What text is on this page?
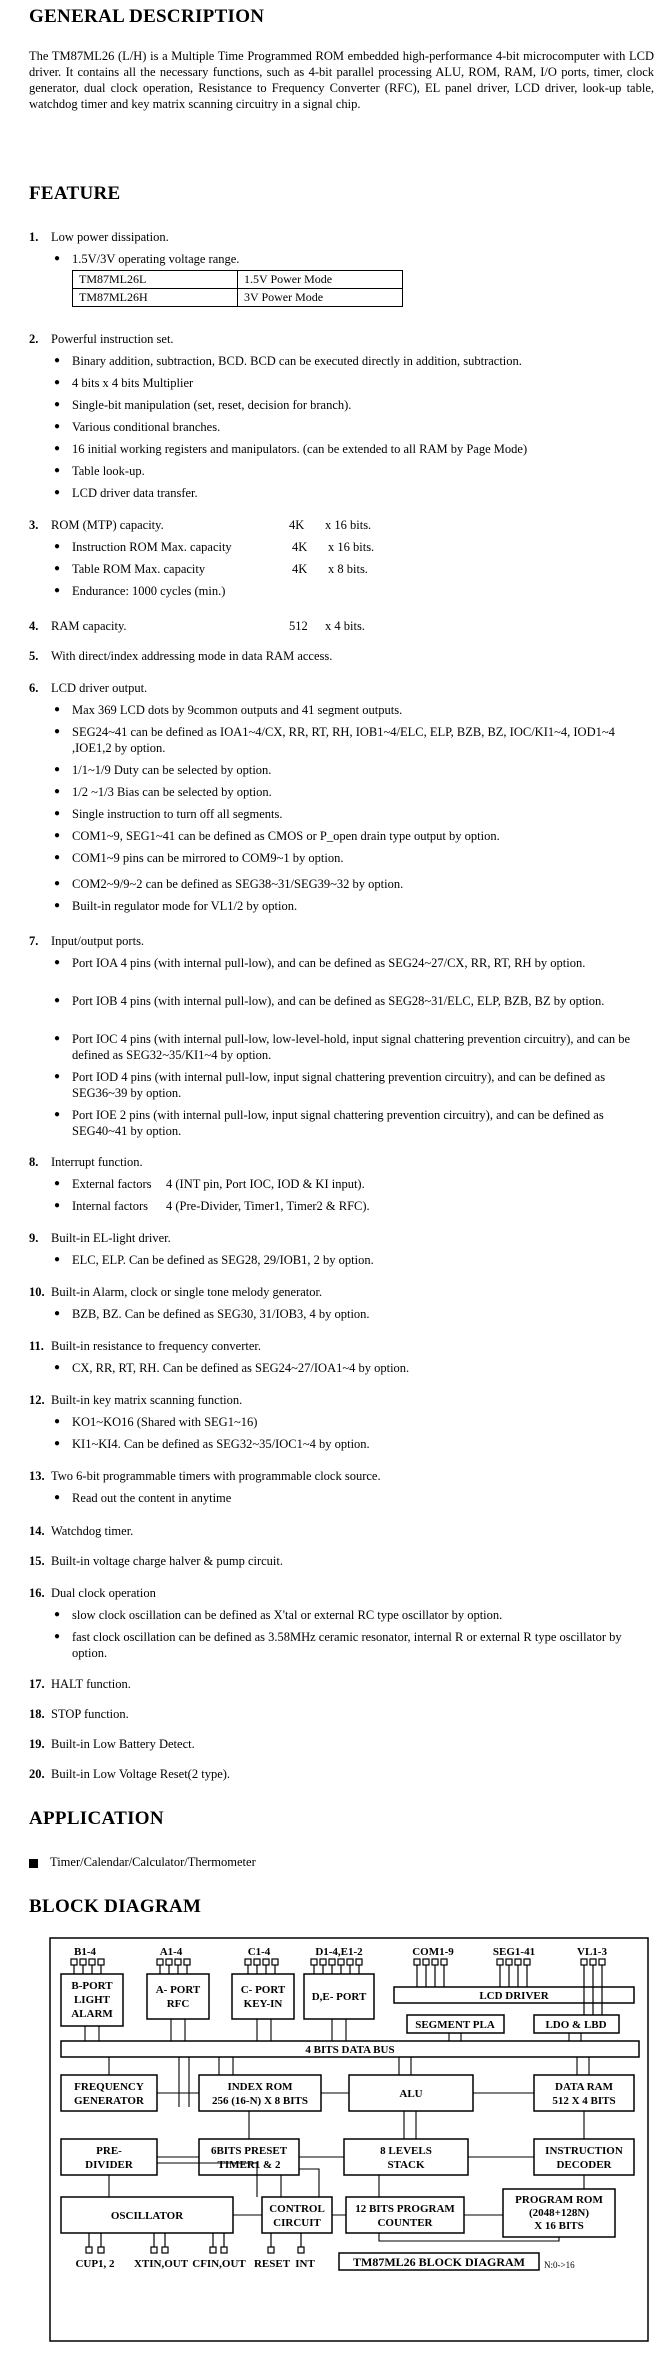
GENERAL DESCRIPTION
The TM87ML26 (L/H) is a Multiple Time Programmed ROM embedded high-performance 4-bit microcomputer with LCD driver. It contains all the necessary functions, such as 4-bit parallel processing ALU, ROM, RAM, I/O ports, timer, clock generator, dual clock operation, Resistance to Frequency Converter (RFC), EL panel driver, LCD driver, look-up table, watchdog timer and key matrix scanning circuitry in a signal chip.
FEATURE
1. Low power dissipation.
● 1.5V/3V operating voltage range.
TM87ML26L	1.5V Power Mode
TM87ML26H	3V Power Mode
2. Powerful instruction set.
● Binary addition, subtraction, BCD. BCD can be executed directly in addition, subtraction.
● 4 bits x 4 bits Multiplier
● Single-bit manipulation (set, reset, decision for branch).
● Various conditional branches.
● 16 initial working registers and manipulators. (can be extended to all RAM by Page Mode)
● Table look-up.
● LCD driver data transfer.
3. ROM (MTP) capacity.	4K x 16 bits.
● Instruction ROM Max. capacity	4K x 16 bits.
● Table ROM Max. capacity	4K x 8 bits.
● Endurance: 1000 cycles (min.)
4. RAM capacity.	512 x 4 bits.
5. With direct/index addressing mode in data RAM access.
6. LCD driver output.
● Max 369 LCD dots by 9common outputs and 41 segment outputs.
● SEG24~41 can be defined as IOA1~4/CX, RR, RT, RH, IOB1~4/ELC, ELP, BZB, BZ, IOC/KI1~4, IOD1~4 ,IOE1,2 by option.
● 1/1~1/9 Duty can be selected by option.
● 1/2 ~1/3 Bias can be selected by option.
● Single instruction to turn off all segments.
● COM1~9, SEG1~41 can be defined as CMOS or P_open drain type output by option.
● COM1~9 pins can be mirrored to COM9~1 by option.
● COM2~9/9~2 can be defined as SEG38~31/SEG39~32 by option.
● Built-in regulator mode for VL1/2 by option.
7. Input/output ports.
● Port IOA 4 pins (with internal pull-low), and can be defined as SEG24~27/CX, RR, RT, RH by option.
● Port IOB 4 pins (with internal pull-low), and can be defined as SEG28~31/ELC, ELP, BZB, BZ by option.
● Port IOC 4 pins (with internal pull-low, low-level-hold, input signal chattering prevention circuitry), and can be defined as SEG32~35/KI1~4 by option.
● Port IOD 4 pins (with internal pull-low, input signal chattering prevention circuitry), and can be defined as SEG36~39 by option.
● Port IOE 2 pins (with internal pull-low, input signal chattering prevention circuitry), and can be defined as SEG40~41 by option.
8. Interrupt function.
● External factors 4 (INT pin, Port IOC, IOD & KI input).
● Internal factors 4 (Pre-Divider, Timer1, Timer2 & RFC).
9. Built-in EL-light driver.
● ELC, ELP. Can be defined as SEG28, 29/IOB1, 2 by option.
10. Built-in Alarm, clock or single tone melody generator.
● BZB, BZ. Can be defined as SEG30, 31/IOB3, 4 by option.
11. Built-in resistance to frequency converter.
● CX, RR, RT, RH. Can be defined as SEG24~27/IOA1~4 by option.
12. Built-in key matrix scanning function.
● KO1~KO16 (Shared with SEG1~16)
● KI1~KI4. Can be defined as SEG32~35/IOC1~4 by option.
13. Two 6-bit programmable timers with programmable clock source.
● Read out the content in anytime
14. Watchdog timer.
15. Built-in voltage charge halver & pump circuit.
16. Dual clock operation
● slow clock oscillation can be defined as X'tal or external RC type oscillator by option.
● fast clock oscillation can be defined as 3.58MHz ceramic resonator, internal R or external R type oscillator by option.
17. HALT function.
18. STOP function.
19. Built-in Low Battery Detect.
20. Built-in Low Voltage Reset(2 type).
APPLICATION
Timer/Calendar/Calculator/Thermometer
BLOCK DIAGRAM
B1-4	A1-4	C1-4	D1-4,E1-2	COM1-9	SEG1-41	VL1-3
B-PORT
LIGHT
ALARM
A- PORT
RFC
C- PORT
KEY-IN
D,E- PORT	LCD DRIVER
SEGMENT PLA	LDO & LBD
4 BITS DATA BUS
FREQUENCY
GENERATOR
INDEX ROM
256 (16-N) X 8 BITS
ALU
DATA RAM
512 X 4 BITS
PRE-
DIVIDER
6BITS PRESET
TIMER1 & 2
8 LEVELS
STACK
INSTRUCTION
DECODER
OSCILLATOR
CONTROL
CIRCUIT
12 BITS PROGRAM
COUNTER
PROGRAM ROM
(2048+128N)
X 16 BITS
CUP1, 2 XTIN,OUT CFIN,OUT RESET INT	TM87ML26 BLOCK DIAGRAM N:0->16
